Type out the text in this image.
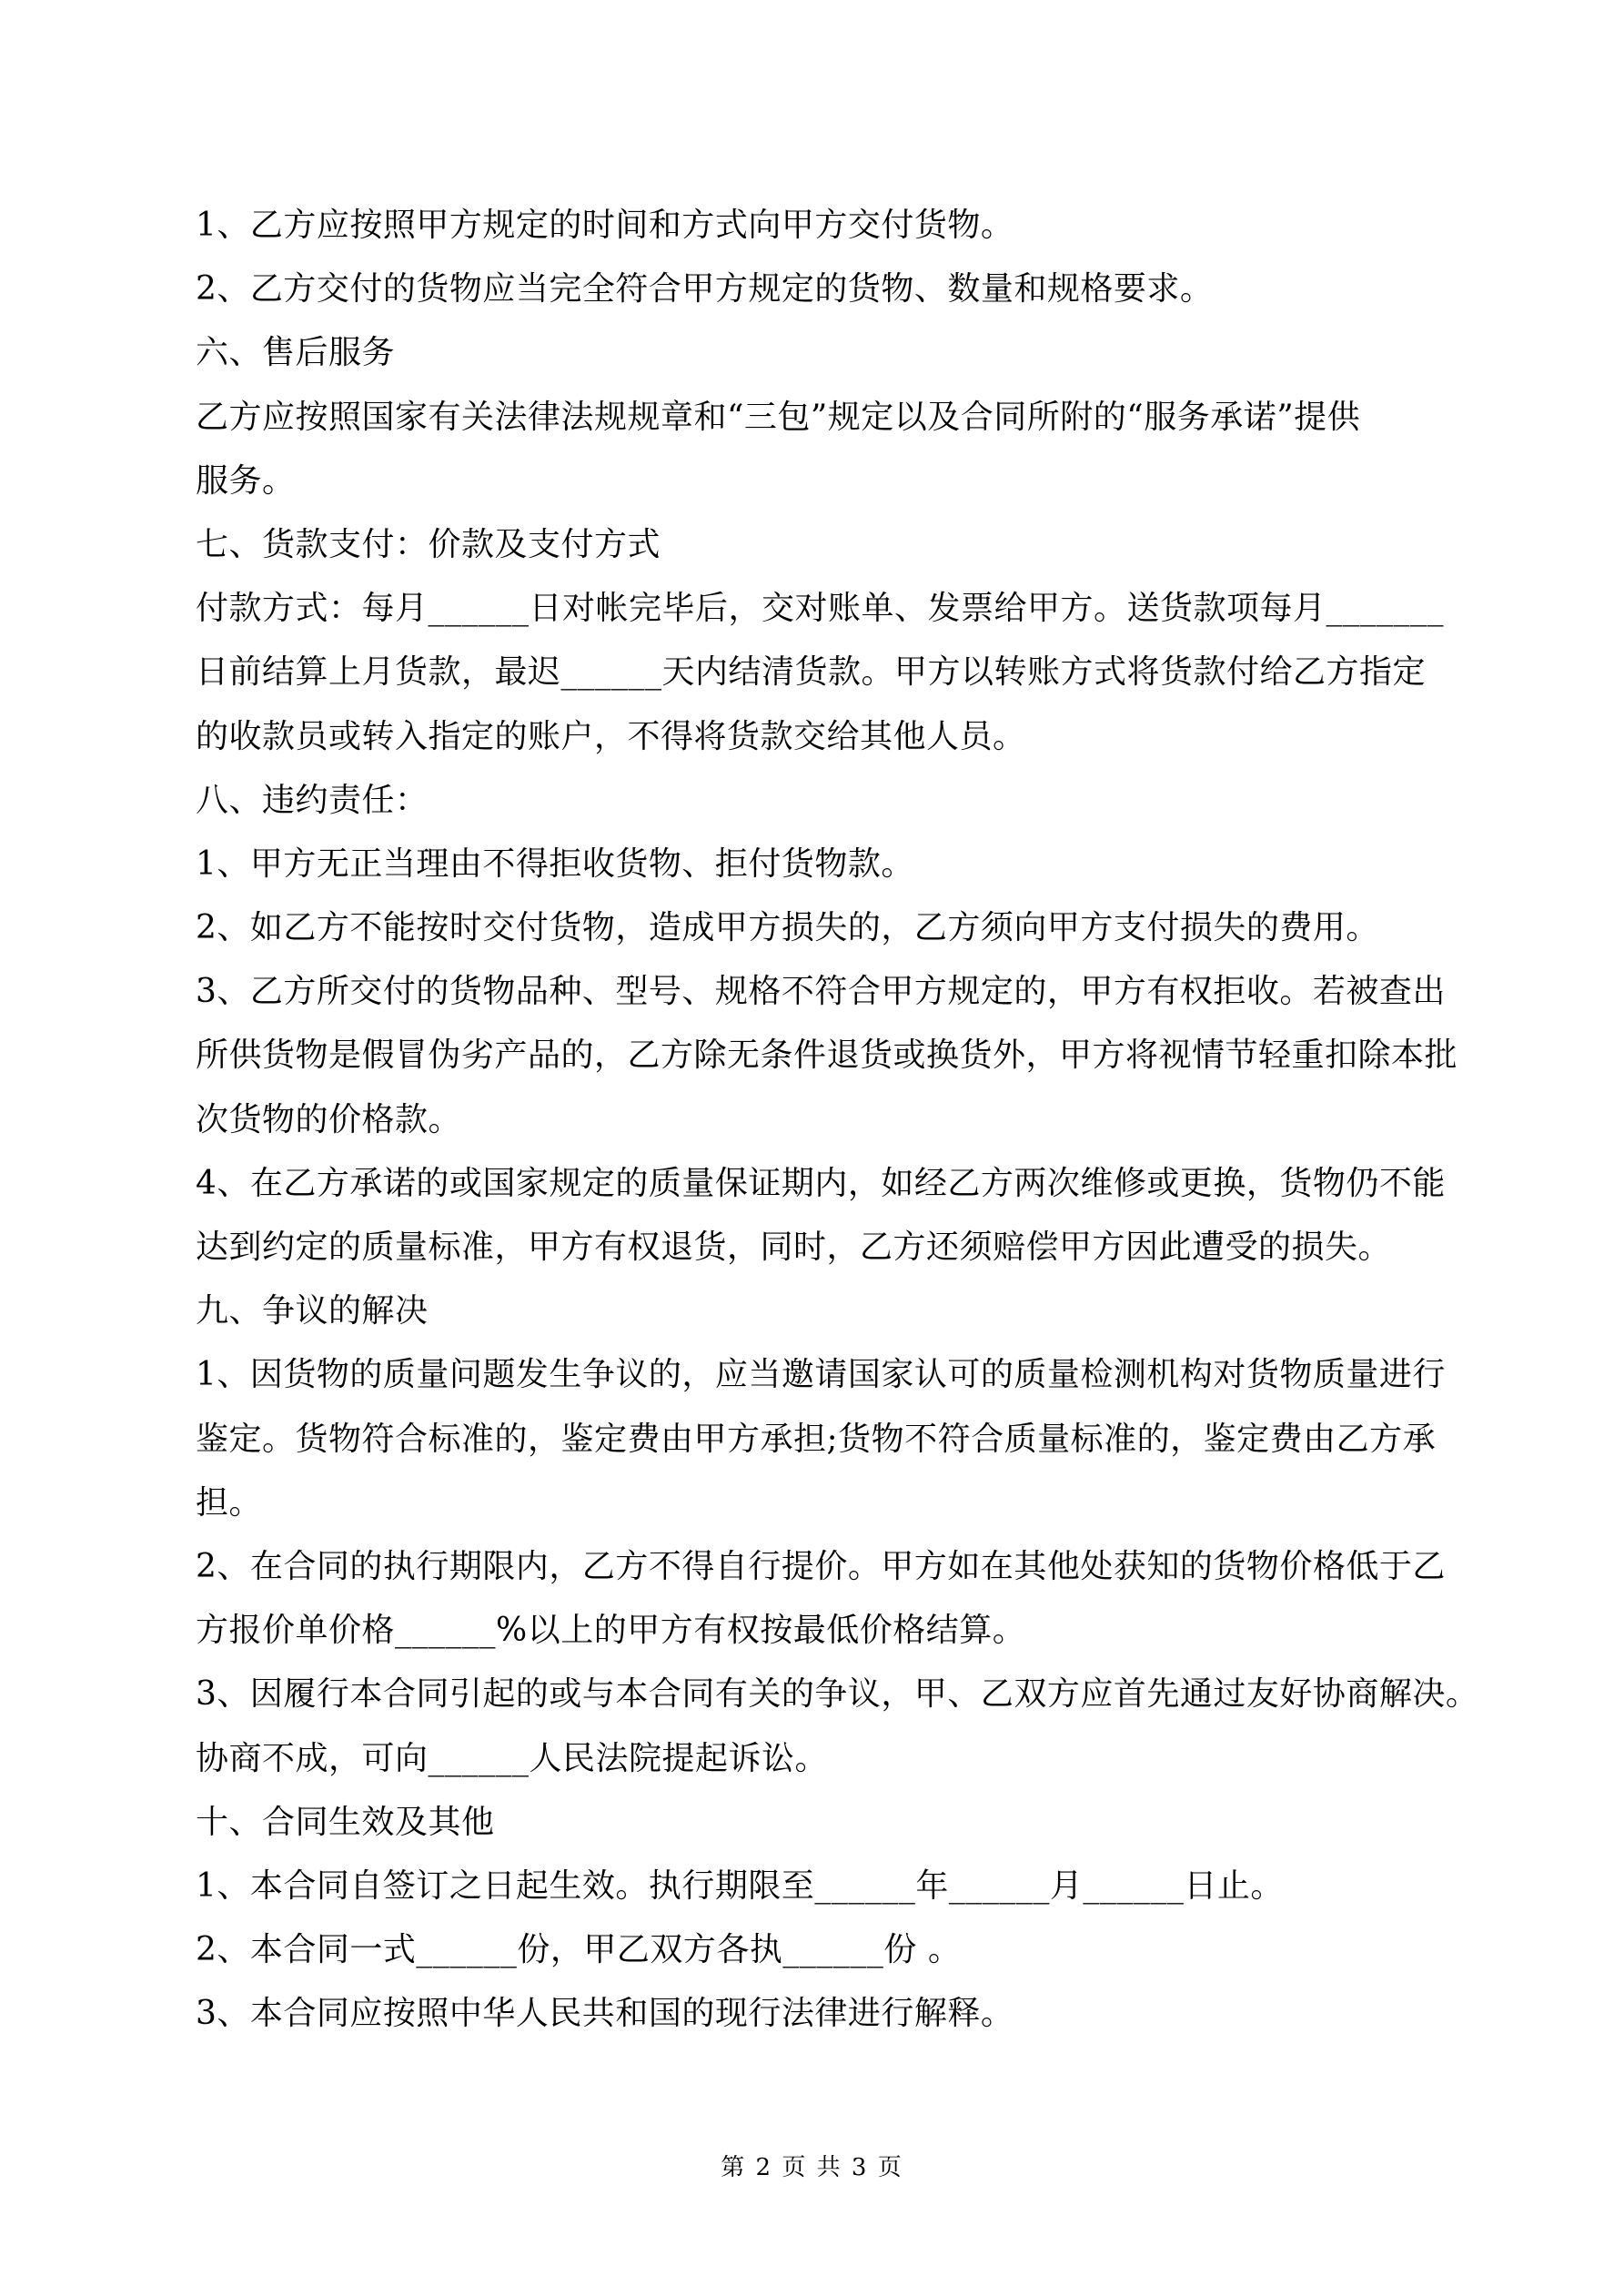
1、乙方应按照甲方规定的时间和方式向甲方交付货物。
2、乙方交付的货物应当完全符合甲方规定的货物、数量和规格要求。
六、售后服务
乙方应按照国家有关法律法规规章和“三包”规定以及合同所附的“服务承诺”提供
服务。
七、货款支付：价款及支付方式
付款方式：每月______日对帐完毕后，交对账单、发票给甲方。送货款项每月_______
日前结算上月货款，最迟______天内结清货款。甲方以转账方式将货款付给乙方指定
的收款员或转入指定的账户，不得将货款交给其他人员。
八、违约责任：
1、甲方无正当理由不得拒收货物、拒付货物款。
2、如乙方不能按时交付货物，造成甲方损失的，乙方须向甲方支付损失的费用。
3、乙方所交付的货物品种、型号、规格不符合甲方规定的，甲方有权拒收。若被查出
所供货物是假冒伪劣产品的，乙方除无条件退货或换货外，甲方将视情节轻重扣除本批
次货物的价格款。
4、在乙方承诺的或国家规定的质量保证期内，如经乙方两次维修或更换，货物仍不能
达到约定的质量标准，甲方有权退货，同时，乙方还须赔偿甲方因此遭受的损失。
九、争议的解决
1、因货物的质量问题发生争议的，应当邀请国家认可的质量检测机构对货物质量进行
鉴定。货物符合标准的，鉴定费由甲方承担;货物不符合质量标准的，鉴定费由乙方承
担。
2、在合同的执行期限内，乙方不得自行提价。甲方如在其他处获知的货物价格低于乙
方报价单价格______%以上的甲方有权按最低价格结算。
3、因履行本合同引起的或与本合同有关的争议，甲、乙双方应首先通过友好协商解决。
协商不成，可向______人民法院提起诉讼。
十、合同生效及其他
1、本合同自签订之日起生效。执行期限至______年______月______日止。
2、本合同一式______份，甲乙双方各执______份 。
3、本合同应按照中华人民共和国的现行法律进行解释。
第 2 页 共 3 页
